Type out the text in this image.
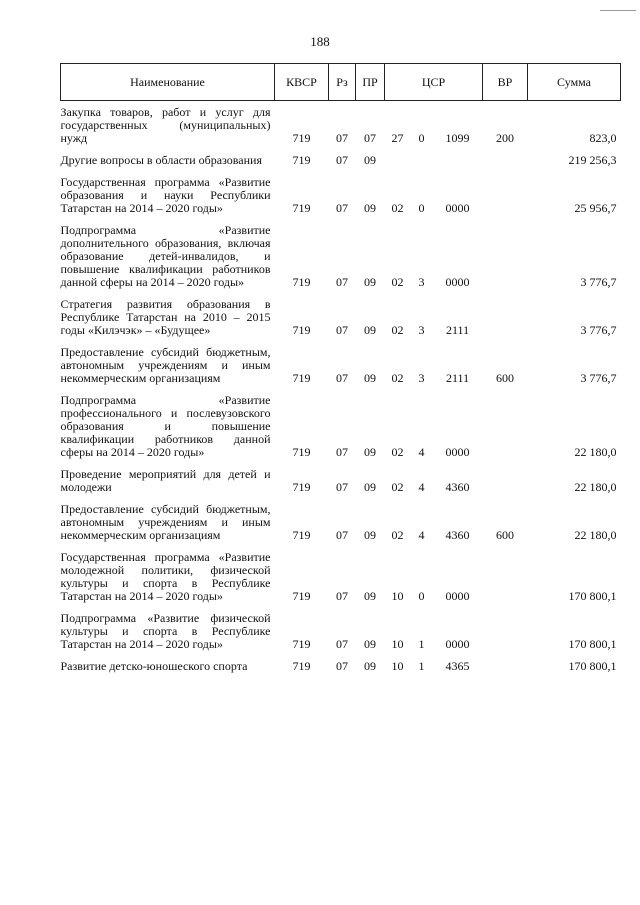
188
Наименование	КВСР	Рз	ПР	ЦСР			ВР	Сумма
Закупка товаров, работ и услуг для государственных (муниципальных) нужд	719	07	07	27	0	1099	200	823,0
Другие вопросы в области образования	719	07	09					219 256,3
Государственная программа «Развитие образования и науки Республики Татарстан на 2014 – 2020 годы»	719	07	09	02	0	0000		25 956,7
Подпрограмма «Развитие дополнительного образования, включая образование детей-инвалидов, и повышение квалификации работников данной сферы на 2014 – 2020 годы»	719	07	09	02	3	0000		3 776,7
Стратегия развития образования в Республике Татарстан на 2010 – 2015 годы «Килэчэк» – «Будущее»	719	07	09	02	3	2111		3 776,7
Предоставление субсидий бюджетным, автономным учреждениям и иным некоммерческим организациям	719	07	09	02	3	2111	600	3 776,7
Подпрограмма «Развитие профессионального и послевузовского образования и повышение квалификации работников данной сферы на 2014 – 2020 годы»	719	07	09	02	4	0000		22 180,0
Проведение мероприятий для детей и молодежи	719	07	09	02	4	4360		22 180,0
Предоставление субсидий бюджетным, автономным учреждениям и иным некоммерческим организациям	719	07	09	02	4	4360	600	22 180,0
Государственная программа «Развитие молодежной политики, физической культуры и спорта в Республике Татарстан на 2014 – 2020 годы»	719	07	09	10	0	0000		170 800,1
Подпрограмма «Развитие физической культуры и спорта в Республике Татарстан на 2014 – 2020 годы»	719	07	09	10	1	0000		170 800,1
Развитие детско-юношеского спорта	719	07	09	10	1	4365		170 800,1
